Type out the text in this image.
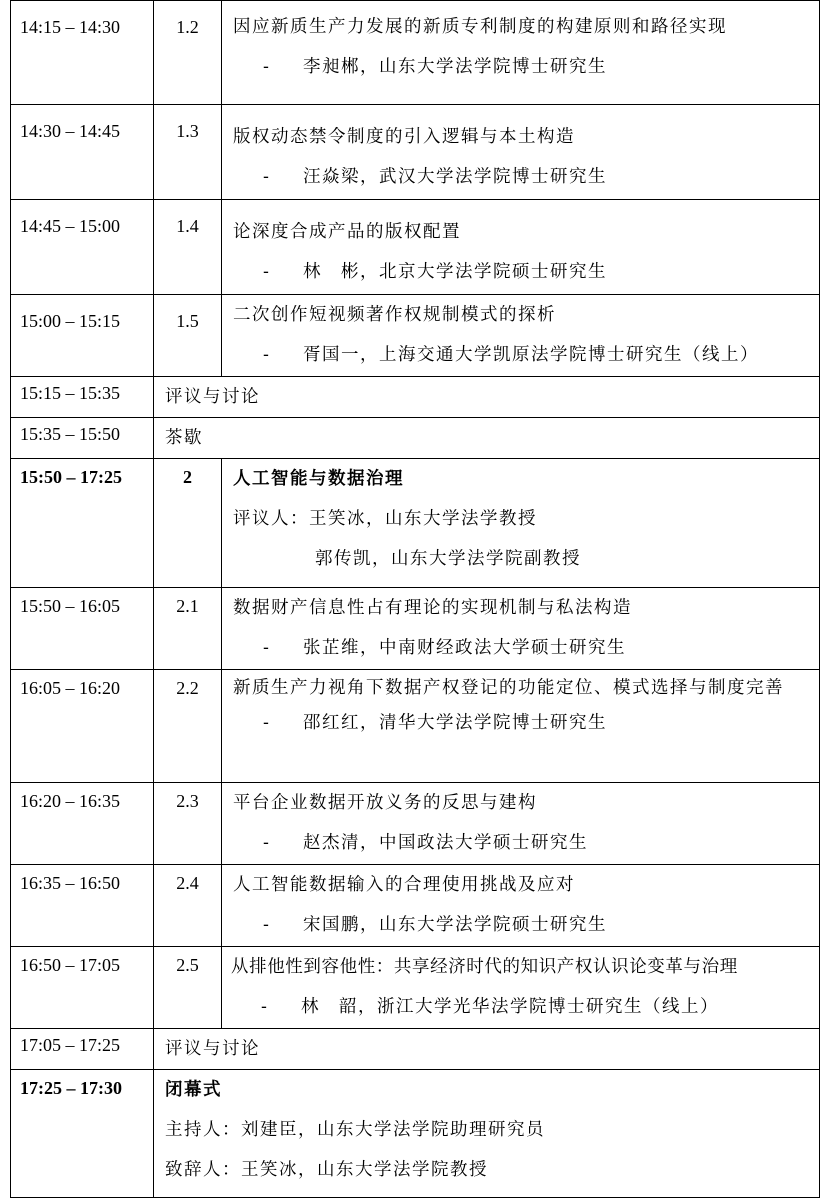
14:15 – 14:30	1.2	因应新质生产力发展的新质专利制度的构建原则和路径实现
- 李昶郴，山东大学法学院博士研究生

14:30 – 14:45	1.3	版权动态禁令制度的引入逻辑与本土构造
- 汪焱梁，武汉大学法学院博士研究生

14:45 – 15:00	1.4	论深度合成产品的版权配置
- 林　彬，北京大学法学院硕士研究生

15:00 – 15:15	1.5	二次创作短视频著作权规制模式的探析
- 胥国一，上海交通大学凯原法学院博士研究生（线上）

15:15 – 15:35	评议与讨论	

15:35 – 15:50	茶歇	

15:50 – 17:25	2	人工智能与数据治理
评议人：王笑冰，山东大学法学教授
郭传凯，山东大学法学院副教授

15:50 – 16:05	2.1	数据财产信息性占有理论的实现机制与私法构造
- 张芷维，中南财经政法大学硕士研究生

16:05 – 16:20	2.2	新质生产力视角下数据产权登记的功能定位、模式选择与制度完善
- 邵红红，清华大学法学院博士研究生

16:20 – 16:35	2.3	平台企业数据开放义务的反思与建构
- 赵杰清，中国政法大学硕士研究生

16:35 – 16:50	2.4	人工智能数据输入的合理使用挑战及应对
- 宋国鹏，山东大学法学院硕士研究生

16:50 – 17:05	2.5	从排他性到容他性：共享经济时代的知识产权认识论变革与治理
- 林　韶，浙江大学光华法学院博士研究生（线上）

17:05 – 17:25	评议与讨论	

17:25 – 17:30	闭幕式
主持人：刘建臣，山东大学法学院助理研究员
致辞人：王笑冰，山东大学法学院教授	
